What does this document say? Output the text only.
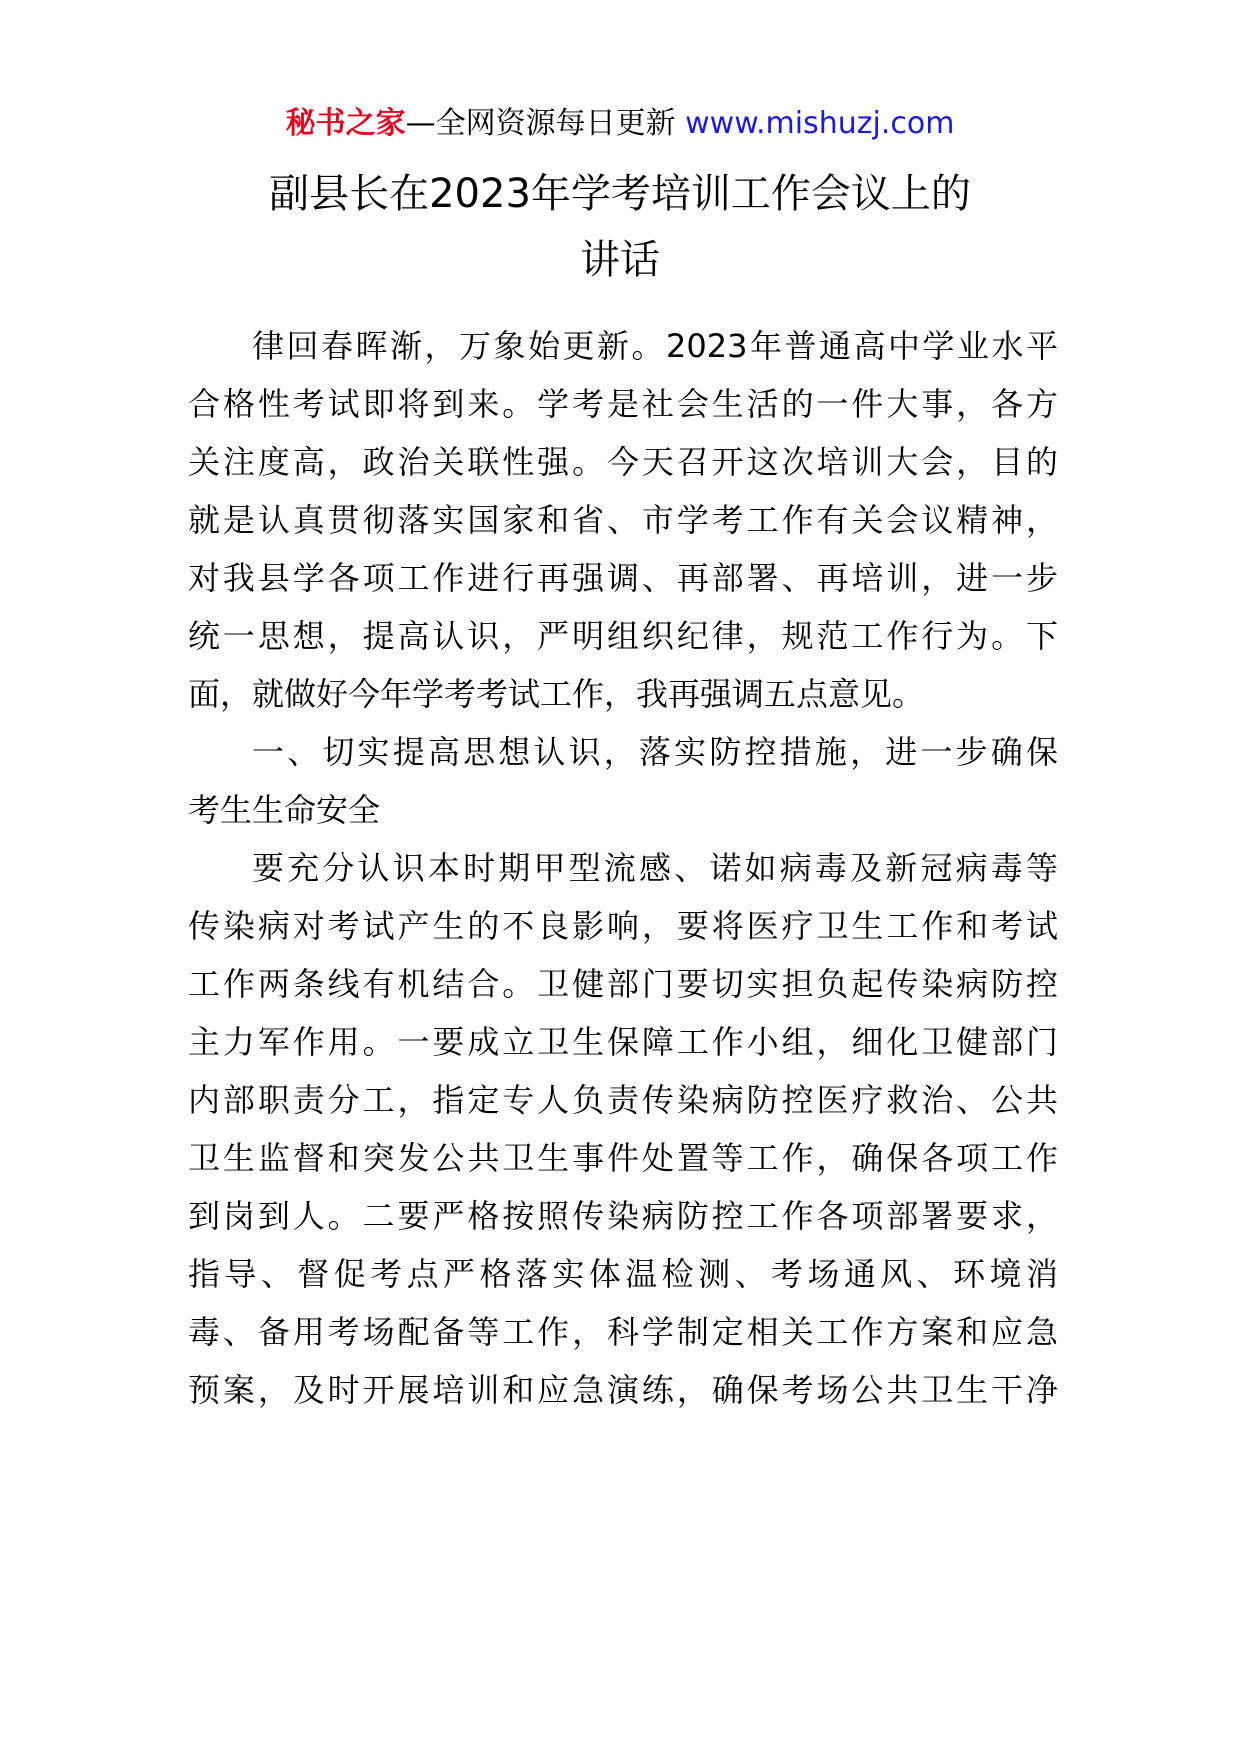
秘书之家—全网资源每日更新 www.mishuzj.com
副县长在2023年学考培训工作会议上的
讲话
律回春晖渐，万象始更新。2023年普通高中学业水平
合格性考试即将到来。学考是社会生活的一件大事，各方
关注度高，政治关联性强。今天召开这次培训大会，目的
就是认真贯彻落实国家和省、市学考工作有关会议精神，
对我县学各项工作进行再强调、再部署、再培训，进一步
统一思想，提高认识，严明组织纪律，规范工作行为。下
面，就做好今年学考考试工作，我再强调五点意见。
一、切实提高思想认识，落实防控措施，进一步确保
考生生命安全
要充分认识本时期甲型流感、诺如病毒及新冠病毒等
传染病对考试产生的不良影响，要将医疗卫生工作和考试
工作两条线有机结合。卫健部门要切实担负起传染病防控
主力军作用。一要成立卫生保障工作小组，细化卫健部门
内部职责分工，指定专人负责传染病防控医疗救治、公共
卫生监督和突发公共卫生事件处置等工作，确保各项工作
到岗到人。二要严格按照传染病防控工作各项部署要求，
指导、督促考点严格落实体温检测、考场通风、环境消
毒、备用考场配备等工作，科学制定相关工作方案和应急
预案，及时开展培训和应急演练，确保考场公共卫生干净
